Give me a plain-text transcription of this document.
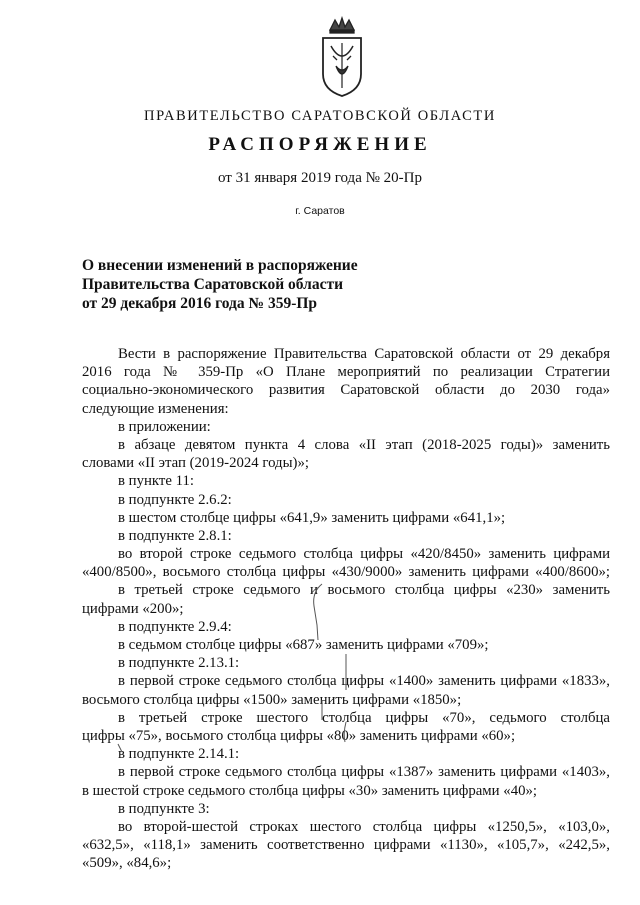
ПРАВИТЕЛЬСТВО САРАТОВСКОЙ ОБЛАСТИ
РАСПОРЯЖЕНИЕ
от 31 января 2019 года № 20-Пр
г. Саратов
О внесении изменений в распоряжение
Правительства Саратовской области
от 29 декабря 2016 года № 359-Пр
Вести в распоряжение Правительства Саратовской области от 29 декабря
2016 года № 359-Пр «О Плане мероприятий по реализации Стратегии
социально-экономического развития Саратовской области до 2030 года»
следующие изменения:
в приложении:
в абзаце девятом пункта 4 слова «II этап (2018-2025 годы)» заменить
словами «II этап (2019-2024 годы)»;
в пункте 11:
в подпункте 2.6.2:
в шестом столбце цифры «641,9» заменить цифрами «641,1»;
в подпункте 2.8.1:
во второй строке седьмого столбца цифры «420/8450» заменить цифрами
«400/8500», восьмого столбца цифры «430/9000» заменить цифрами «400/8600»;
в третьей строке седьмого и восьмого столбца цифры «230» заменить
цифрами «200»;
в подпункте 2.9.4:
в седьмом столбце цифры «687» заменить цифрами «709»;
в подпункте 2.13.1:
в первой строке седьмого столбца цифры «1400» заменить цифрами «1833»,
восьмого столбца цифры «1500» заменить цифрами «1850»;
в третьей строке шестого столбца цифры «70», седьмого столбца
цифры «75», восьмого столбца цифры «80» заменить цифрами «60»;
в подпункте 2.14.1:
в первой строке седьмого столбца цифры «1387» заменить цифрами «1403»,
в шестой строке седьмого столбца цифры «30» заменить цифрами «40»;
в подпункте 3:
во второй-шестой строках шестого столбца цифры «1250,5», «103,0»,
«632,5», «118,1» заменить соответственно цифрами «1130», «105,7», «242,5»,
«509», «84,6»;
